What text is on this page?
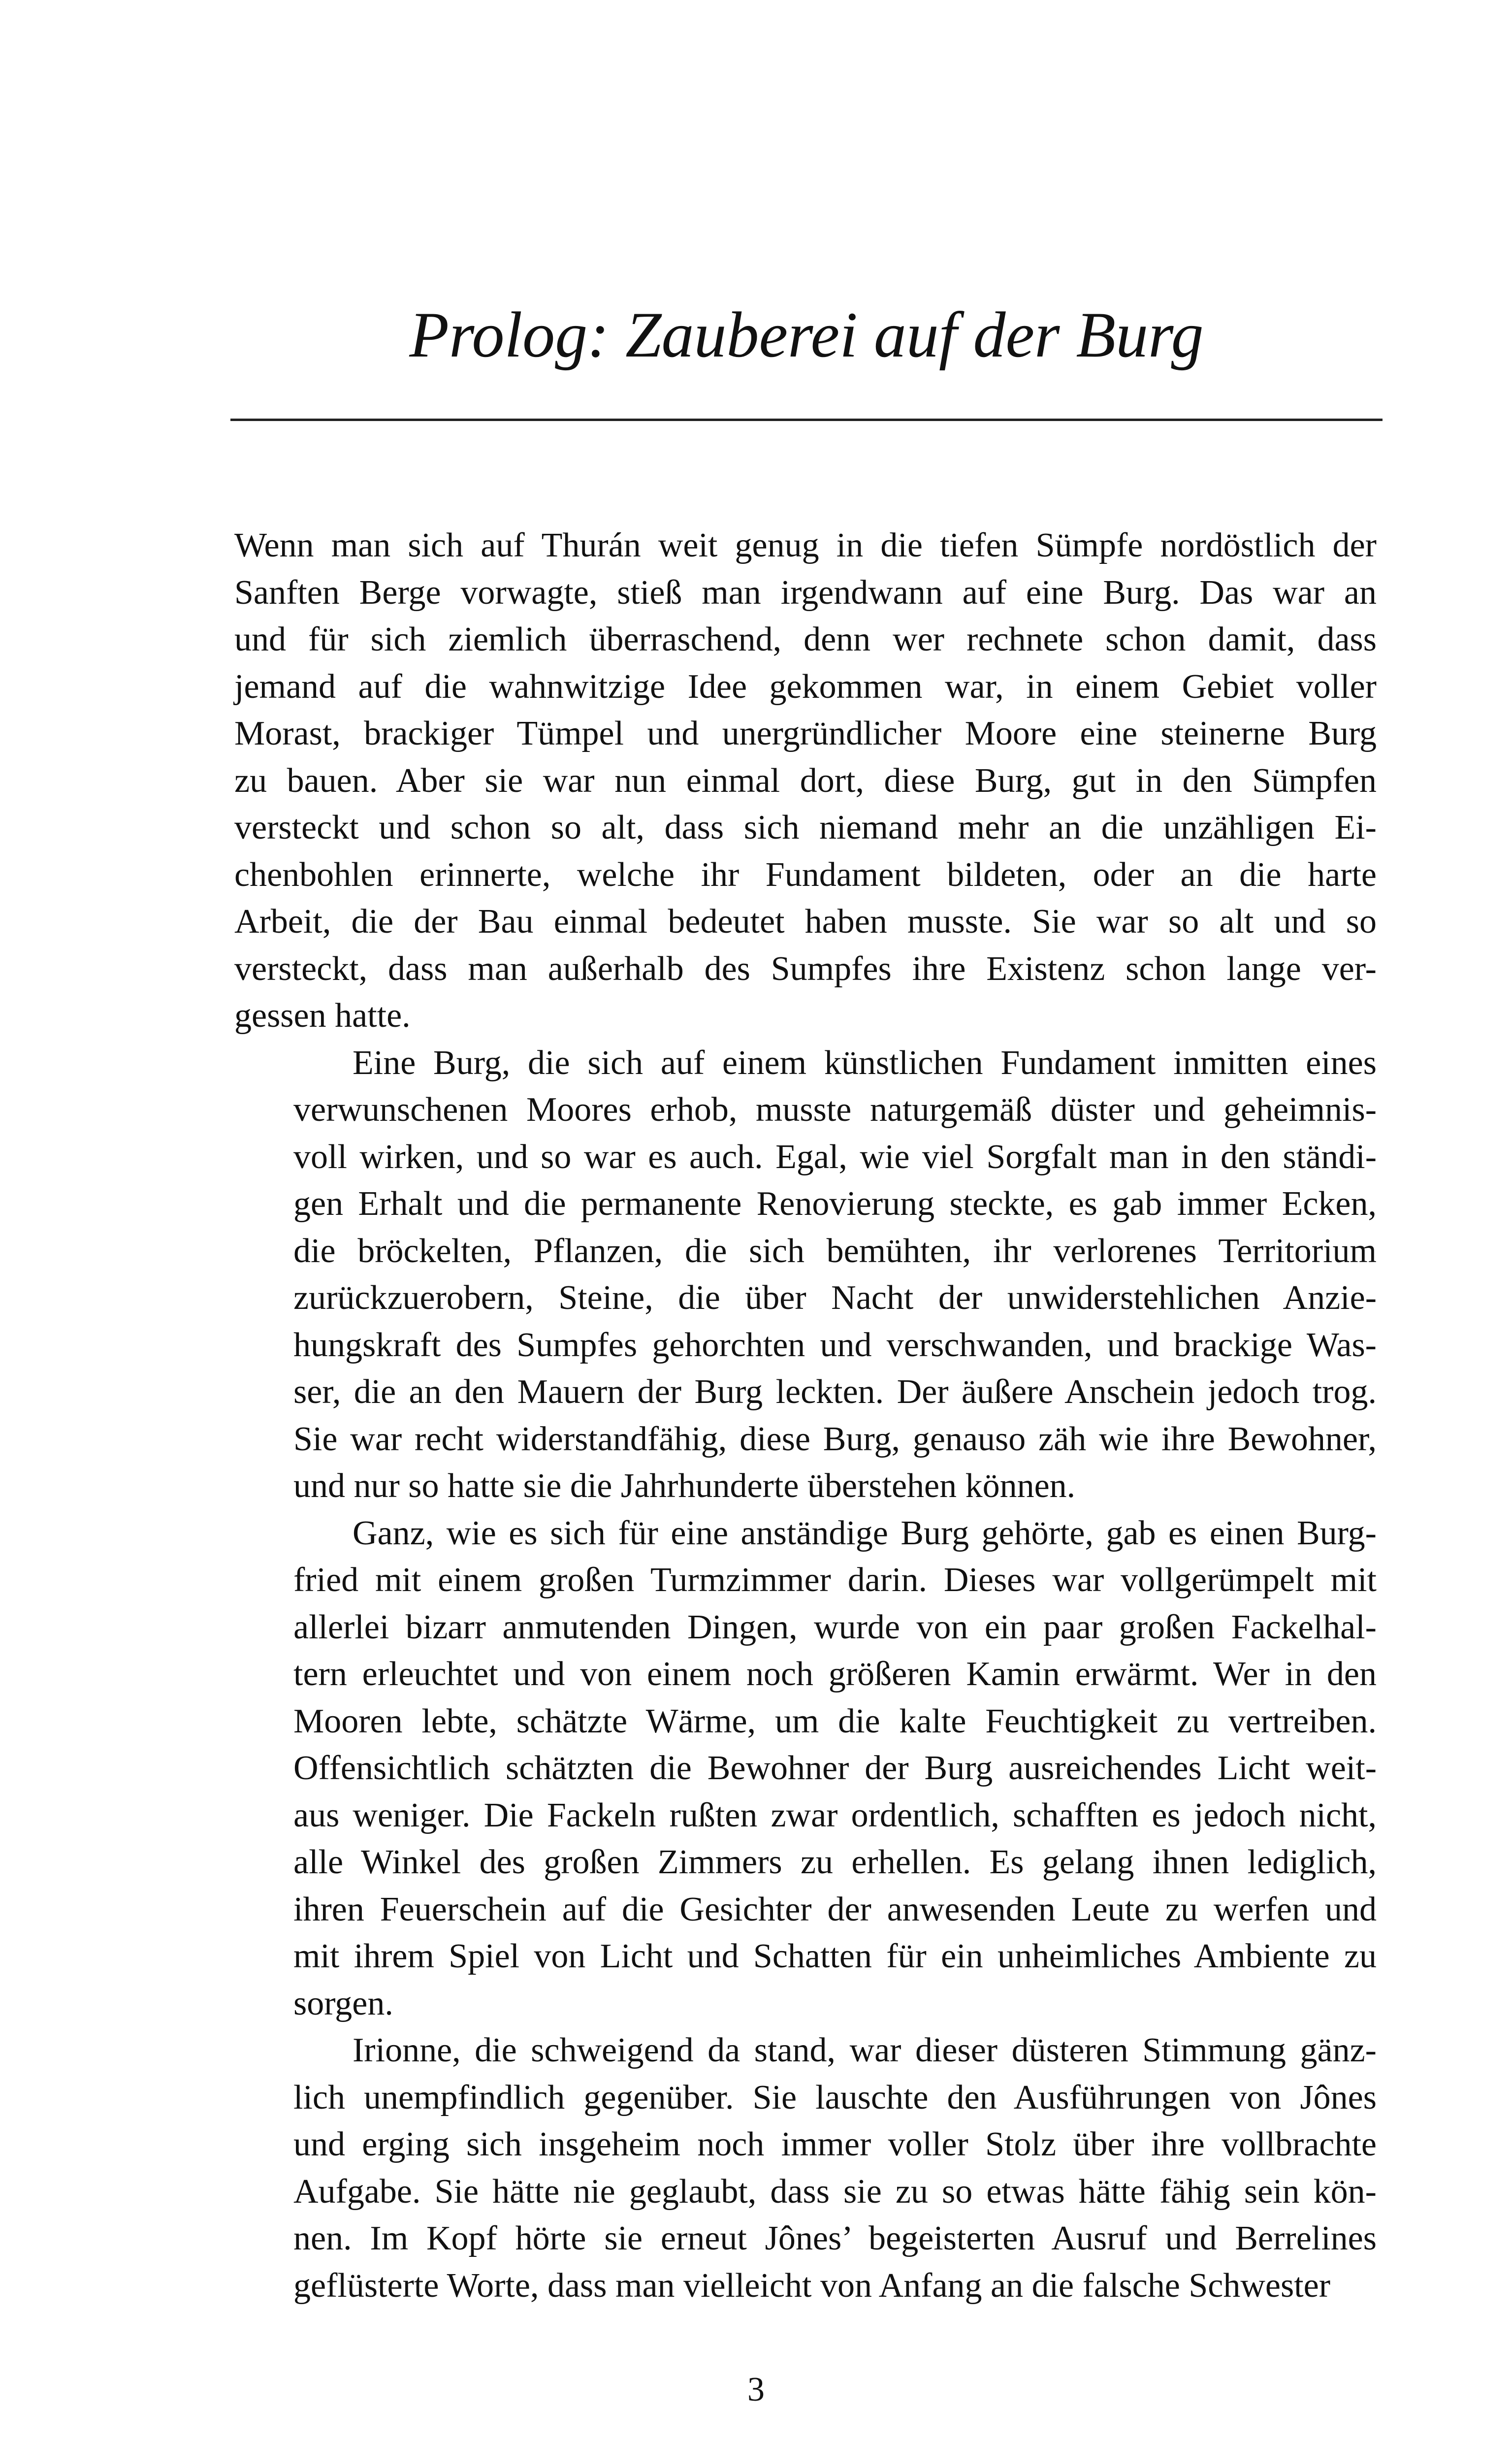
Prolog: Zauberei auf der Burg

Wenn man sich auf Thurán weit genug in die tiefen Sümpfe nordöstlich der
Sanften Berge vorwagte, stieß man irgendwann auf eine Burg. Das war an
und für sich ziemlich überraschend, denn wer rechnete schon damit, dass
jemand auf die wahnwitzige Idee gekommen war, in einem Gebiet voller
Morast, brackiger Tümpel und unergründlicher Moore eine steinerne Burg
zu bauen. Aber sie war nun einmal dort, diese Burg, gut in den Sümpfen
versteckt und schon so alt, dass sich niemand mehr an die unzähligen Ei-
chenbohlen erinnerte, welche ihr Fundament bildeten, oder an die harte
Arbeit, die der Bau einmal bedeutet haben musste. Sie war so alt und so
versteckt, dass man außerhalb des Sumpfes ihre Existenz schon lange ver-
gessen hatte.

Eine Burg, die sich auf einem künstlichen Fundament inmitten eines
verwunschenen Moores erhob, musste naturgemäß düster und geheimnis-
voll wirken, und so war es auch. Egal, wie viel Sorgfalt man in den ständi-
gen Erhalt und die permanente Renovierung steckte, es gab immer Ecken,
die bröckelten, Pflanzen, die sich bemühten, ihr verlorenes Territorium
zurückzuerobern, Steine, die über Nacht der unwiderstehlichen Anzie-
hungskraft des Sumpfes gehorchten und verschwanden, und brackige Was-
ser, die an den Mauern der Burg leckten. Der äußere Anschein jedoch trog.
Sie war recht widerstandfähig, diese Burg, genauso zäh wie ihre Bewohner,
und nur so hatte sie die Jahrhunderte überstehen können.

Ganz, wie es sich für eine anständige Burg gehörte, gab es einen Burg-
fried mit einem großen Turmzimmer darin. Dieses war vollgerümpelt mit
allerlei bizarr anmutenden Dingen, wurde von ein paar großen Fackelhal-
tern erleuchtet und von einem noch größeren Kamin erwärmt. Wer in den
Mooren lebte, schätzte Wärme, um die kalte Feuchtigkeit zu vertreiben.
Offensichtlich schätzten die Bewohner der Burg ausreichendes Licht weit-
aus weniger. Die Fackeln rußten zwar ordentlich, schafften es jedoch nicht,
alle Winkel des großen Zimmers zu erhellen. Es gelang ihnen lediglich,
ihren Feuerschein auf die Gesichter der anwesenden Leute zu werfen und
mit ihrem Spiel von Licht und Schatten für ein unheimliches Ambiente zu
sorgen.

Irionne, die schweigend da stand, war dieser düsteren Stimmung gänz-
lich unempfindlich gegenüber. Sie lauschte den Ausführungen von Jônes
und erging sich insgeheim noch immer voller Stolz über ihre vollbrachte
Aufgabe. Sie hätte nie geglaubt, dass sie zu so etwas hätte fähig sein kön-
nen. Im Kopf hörte sie erneut Jônes’ begeisterten Ausruf und Berrelines
geflüsterte Worte, dass man vielleicht von Anfang an die falsche Schwester

3
